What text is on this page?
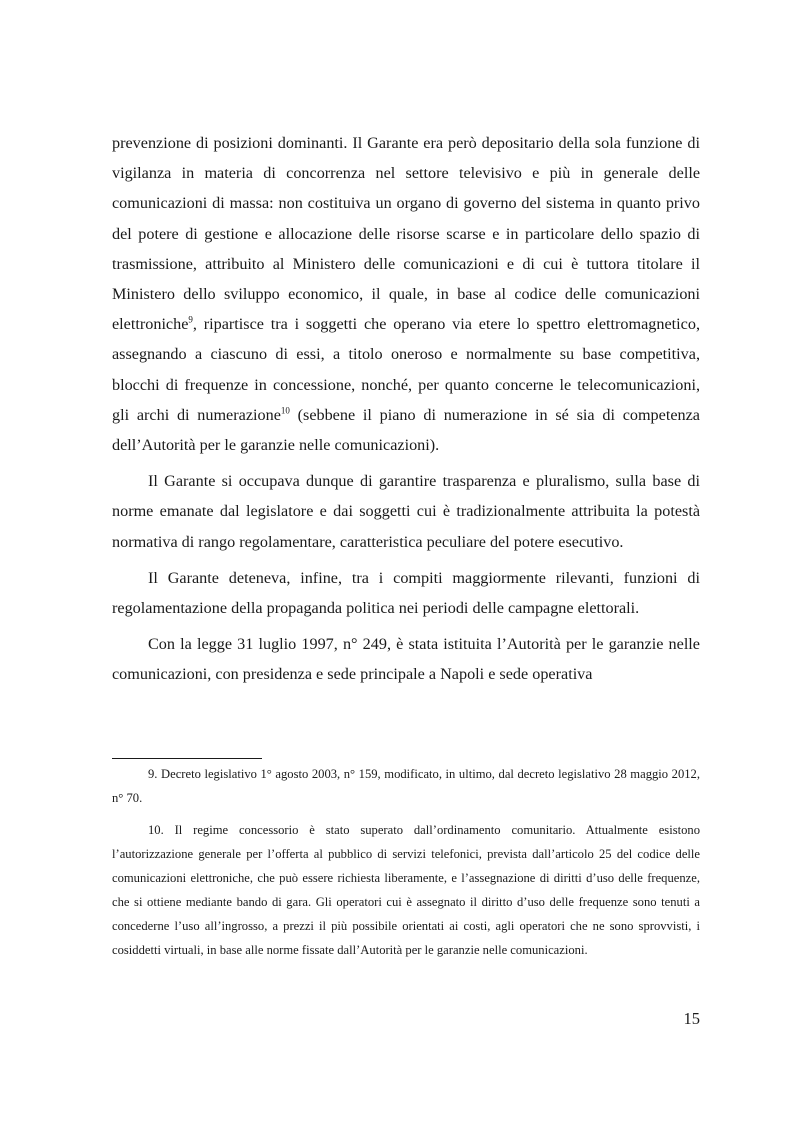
prevenzione di posizioni dominanti. Il Garante era però depositario della sola funzione di vigilanza in materia di concorrenza nel settore televisivo e più in generale delle comunicazioni di massa: non costituiva un organo di governo del sistema in quanto privo del potere di gestione e allocazione delle risorse scarse e in particolare dello spazio di trasmissione, attribuito al Ministero delle comunicazioni e di cui è tuttora titolare il Ministero dello sviluppo economico, il quale, in base al codice delle comunicazioni elettroniche$^9$, ripartisce tra i soggetti che operano via etere lo spettro elettromagnetico, assegnando a ciascuno di essi, a titolo oneroso e normalmente su base competitiva, blocchi di frequenze in concessione, nonché, per quanto concerne le telecomunicazioni, gli archi di numerazione$^{10}$ (sebbene il piano di numerazione in sé sia di competenza dell’Autorità per le garanzie nelle comunicazioni).

Il Garante si occupava dunque di garantire trasparenza e pluralismo, sulla base di norme emanate dal legislatore e dai soggetti cui è tradizionalmente attribuita la potestà normativa di rango regolamentare, caratteristica peculiare del potere esecutivo.

Il Garante deteneva, infine, tra i compiti maggiormente rilevanti, funzioni di regolamentazione della propaganda politica nei periodi delle campagne elettorali.

Con la legge 31 luglio 1997, n° 249, è stata istituita l’Autorità per le garanzie nelle comunicazioni, con presidenza e sede principale a Napoli e sede operativa

9. Decreto legislativo 1° agosto 2003, n° 159, modificato, in ultimo, dal decreto legislativo 28 maggio 2012, n° 70.

10. Il regime concessorio è stato superato dall’ordinamento comunitario. Attualmente esistono l’autorizzazione generale per l’offerta al pubblico di servizi telefonici, prevista dall’articolo 25 del codice delle comunicazioni elettroniche, che può essere richiesta liberamente, e l’assegnazione di diritti d’uso delle frequenze, che si ottiene mediante bando di gara. Gli operatori cui è assegnato il diritto d’uso delle frequenze sono tenuti a concederne l’uso all’ingrosso, a prezzi il più possibile orientati ai costi, agli operatori che ne sono sprovvisti, i cosiddetti virtuali, in base alle norme fissate dall’Autorità per le garanzie nelle comunicazioni.

15
